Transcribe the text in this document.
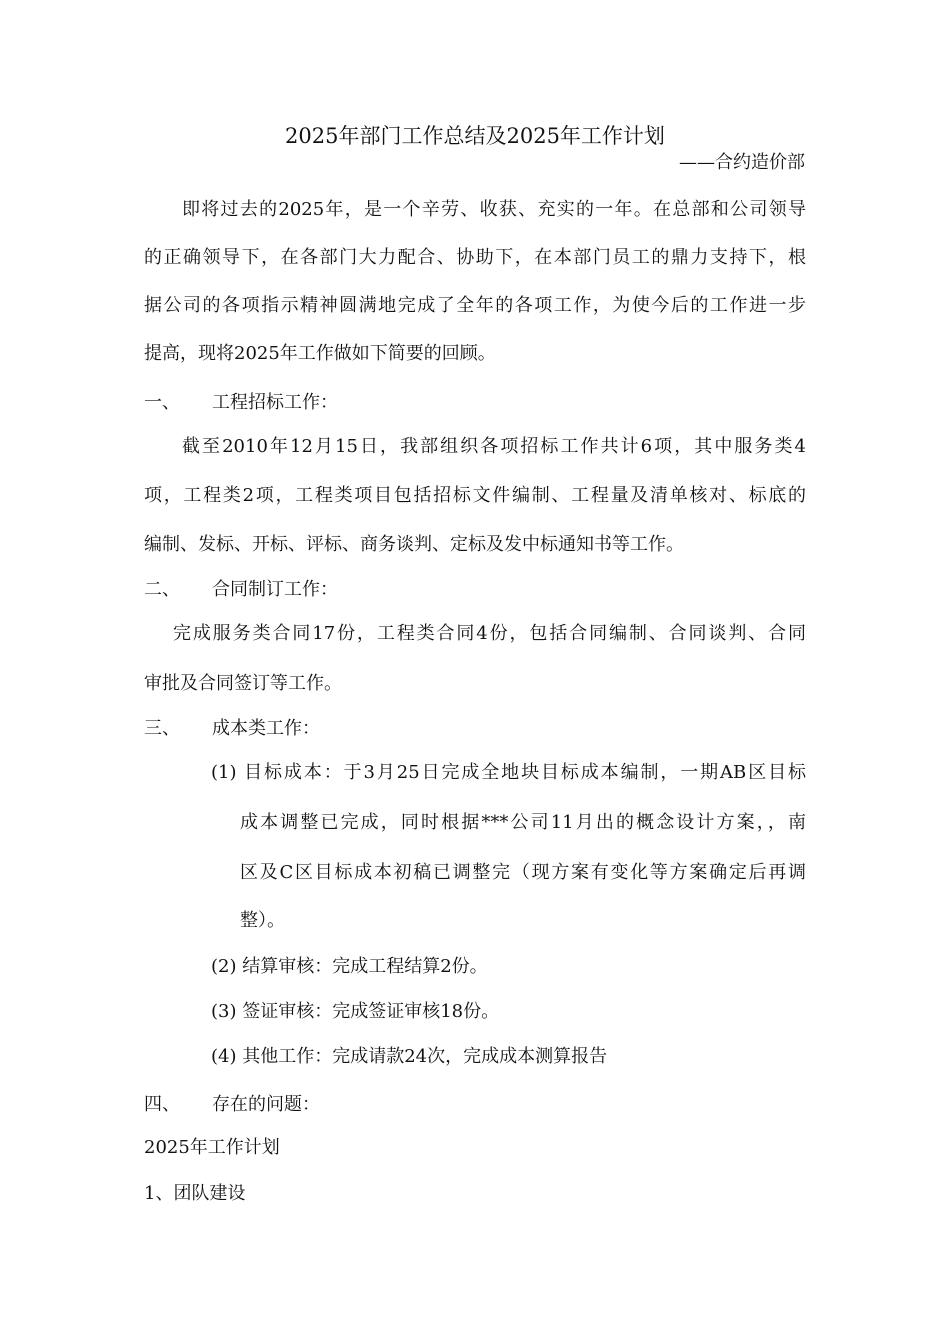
2025年部门工作总结及2025年工作计划
——合约造价部
即将过去的2025年，是一个辛劳、收获、充实的一年。在总部和公司领导
的正确领导下，在各部门大力配合、协助下，在本部门员工的鼎力支持下，根
据公司的各项指示精神圆满地完成了全年的各项工作，为使今后的工作进一步
提高，现将2025年工作做如下简要的回顾。
一、 工程招标工作：
截至2010年12月15日，我部组织各项招标工作共计6项，其中服务类4
项，工程类2项，工程类项目包括招标文件编制、工程量及清单核对、标底的
编制、发标、开标、评标、商务谈判、定标及发中标通知书等工作。
二、 合同制订工作：
完成服务类合同17份，工程类合同4份，包括合同编制、合同谈判、合同
审批及合同签订等工作。
三、 成本类工作：
(1) 目标成本：于3月25日完成全地块目标成本编制，一期AB区目标
成本调整已完成，同时根据***公司11月出的概念设计方案，，南
区及C区目标成本初稿已调整完（现方案有变化等方案确定后再调
整）。
(2) 结算审核：完成工程结算2份。
(3) 签证审核：完成签证审核18份。
(4) 其他工作：完成请款24次，完成成本测算报告
四、 存在的问题：
2025年工作计划
1、团队建设
